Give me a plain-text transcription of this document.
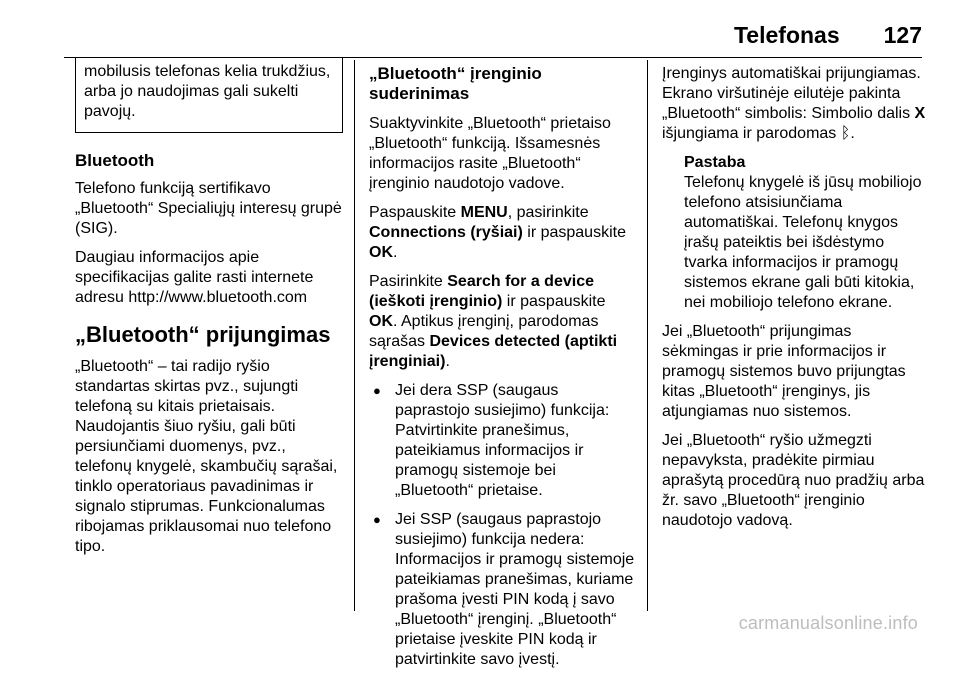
Telefonas 127
mobilusis telefonas kelia trukdžius, arba jo naudojimas gali sukelti pavojų.
Bluetooth

Telefono funkciją sertifikavo „Bluetooth“ Specialiųjų interesų grupė (SIG).

Daugiau informacijos apie specifikacijas galite rasti internete adresu http://www.bluetooth.com

„Bluetooth“ prijungimas

„Bluetooth“ – tai radijo ryšio standartas skirtas pvz., sujungti telefoną su kitais prietaisais. Naudojantis šiuo ryšiu, gali būti persiunčiami duomenys, pvz., telefonų knygelė, skambučių sąrašai, tinklo operatoriaus pavadinimas ir signalo stiprumas. Funkcionalumas ribojamas priklausomai nuo telefono tipo.

„Bluetooth“ įrenginio suderinimas

Suaktyvinkite „Bluetooth“ prietaiso „Bluetooth“ funkciją. Išsamesnės informacijos rasite „Bluetooth“ įrenginio naudotojo vadove.

Paspauskite MENU, pasirinkite Connections (ryšiai) ir paspauskite OK.

Pasirinkite Search for a device (ieškoti įrenginio) ir paspauskite OK. Aptikus įrenginį, parodomas sąrašas Devices detected (aptikti įrenginiai).

● Jei dera SSP (saugaus paprastojo susiejimo) funkcija: Patvirtinkite pranešimus, pateikiamus informacijos ir pramogų sistemoje bei „Bluetooth“ prietaise.
● Jei SSP (saugaus paprastojo susiejimo) funkcija nedera: Informacijos ir pramogų sistemoje pateikiamas pranešimas, kuriame prašoma įvesti PIN kodą į savo „Bluetooth“ įrenginį. „Bluetooth“ prietaise įveskite PIN kodą ir patvirtinkite savo įvestį.

Įrenginys automatiškai prijungiamas. Ekrano viršutinėje eilutėje pakinta „Bluetooth“ simbolis: Simbolio dalis X išjungiama ir parodomas ᛒ.

Pastaba
Telefonų knygelė iš jūsų mobiliojo telefono atsisiunčiama automatiškai. Telefonų knygos įrašų pateiktis bei išdėstymo tvarka informacijos ir pramogų sistemos ekrane gali būti kitokia, nei mobiliojo telefono ekrane.

Jei „Bluetooth“ prijungimas sėkmingas ir prie informacijos ir pramogų sistemos buvo prijungtas kitas „Bluetooth“ įrenginys, jis atjungiamas nuo sistemos.

Jei „Bluetooth“ ryšio užmegzti nepavyksta, pradėkite pirmiau aprašytą procedūrą nuo pradžių arba žr. savo „Bluetooth“ įrenginio naudotojo vadovą.

carmanualsonline.info
